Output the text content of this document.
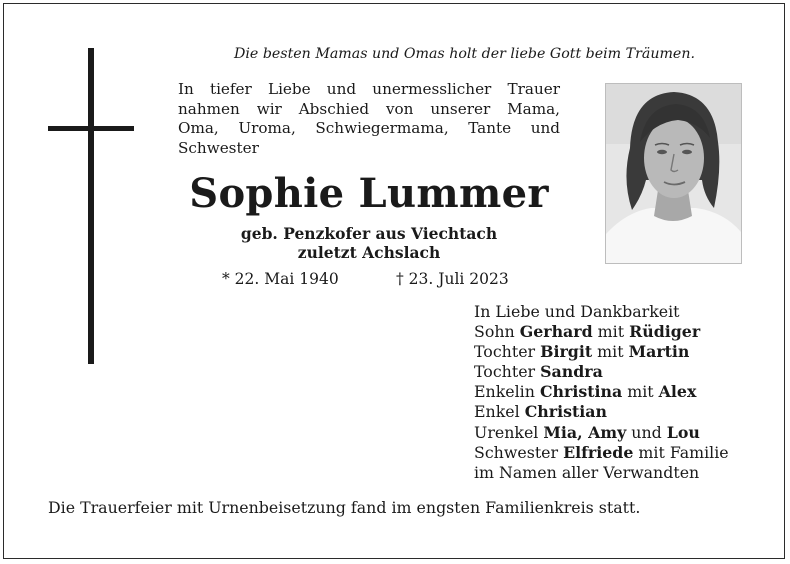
Die besten Mamas und Omas holt der liebe Gott beim Träumen.
In tiefer Liebe und unermesslicher Trauer
nahmen wir Abschied von unserer Mama,
Oma, Uroma, Schwiegermama, Tante und
Schwester
Sophie Lummer
geb. Penzkofer aus Viechtach
zuletzt Achslach
* 22. Mai 1940	† 23. Juli 2023
In Liebe und Dankbarkeit
Sohn Gerhard mit Rüdiger
Tochter Birgit mit Martin
Tochter Sandra
Enkelin Christina mit Alex
Enkel Christian
Urenkel Mia, Amy und Lou
Schwester Elfriede mit Familie
im Namen aller Verwandten
Die Trauerfeier mit Urnenbeisetzung fand im engsten Familienkreis statt.
